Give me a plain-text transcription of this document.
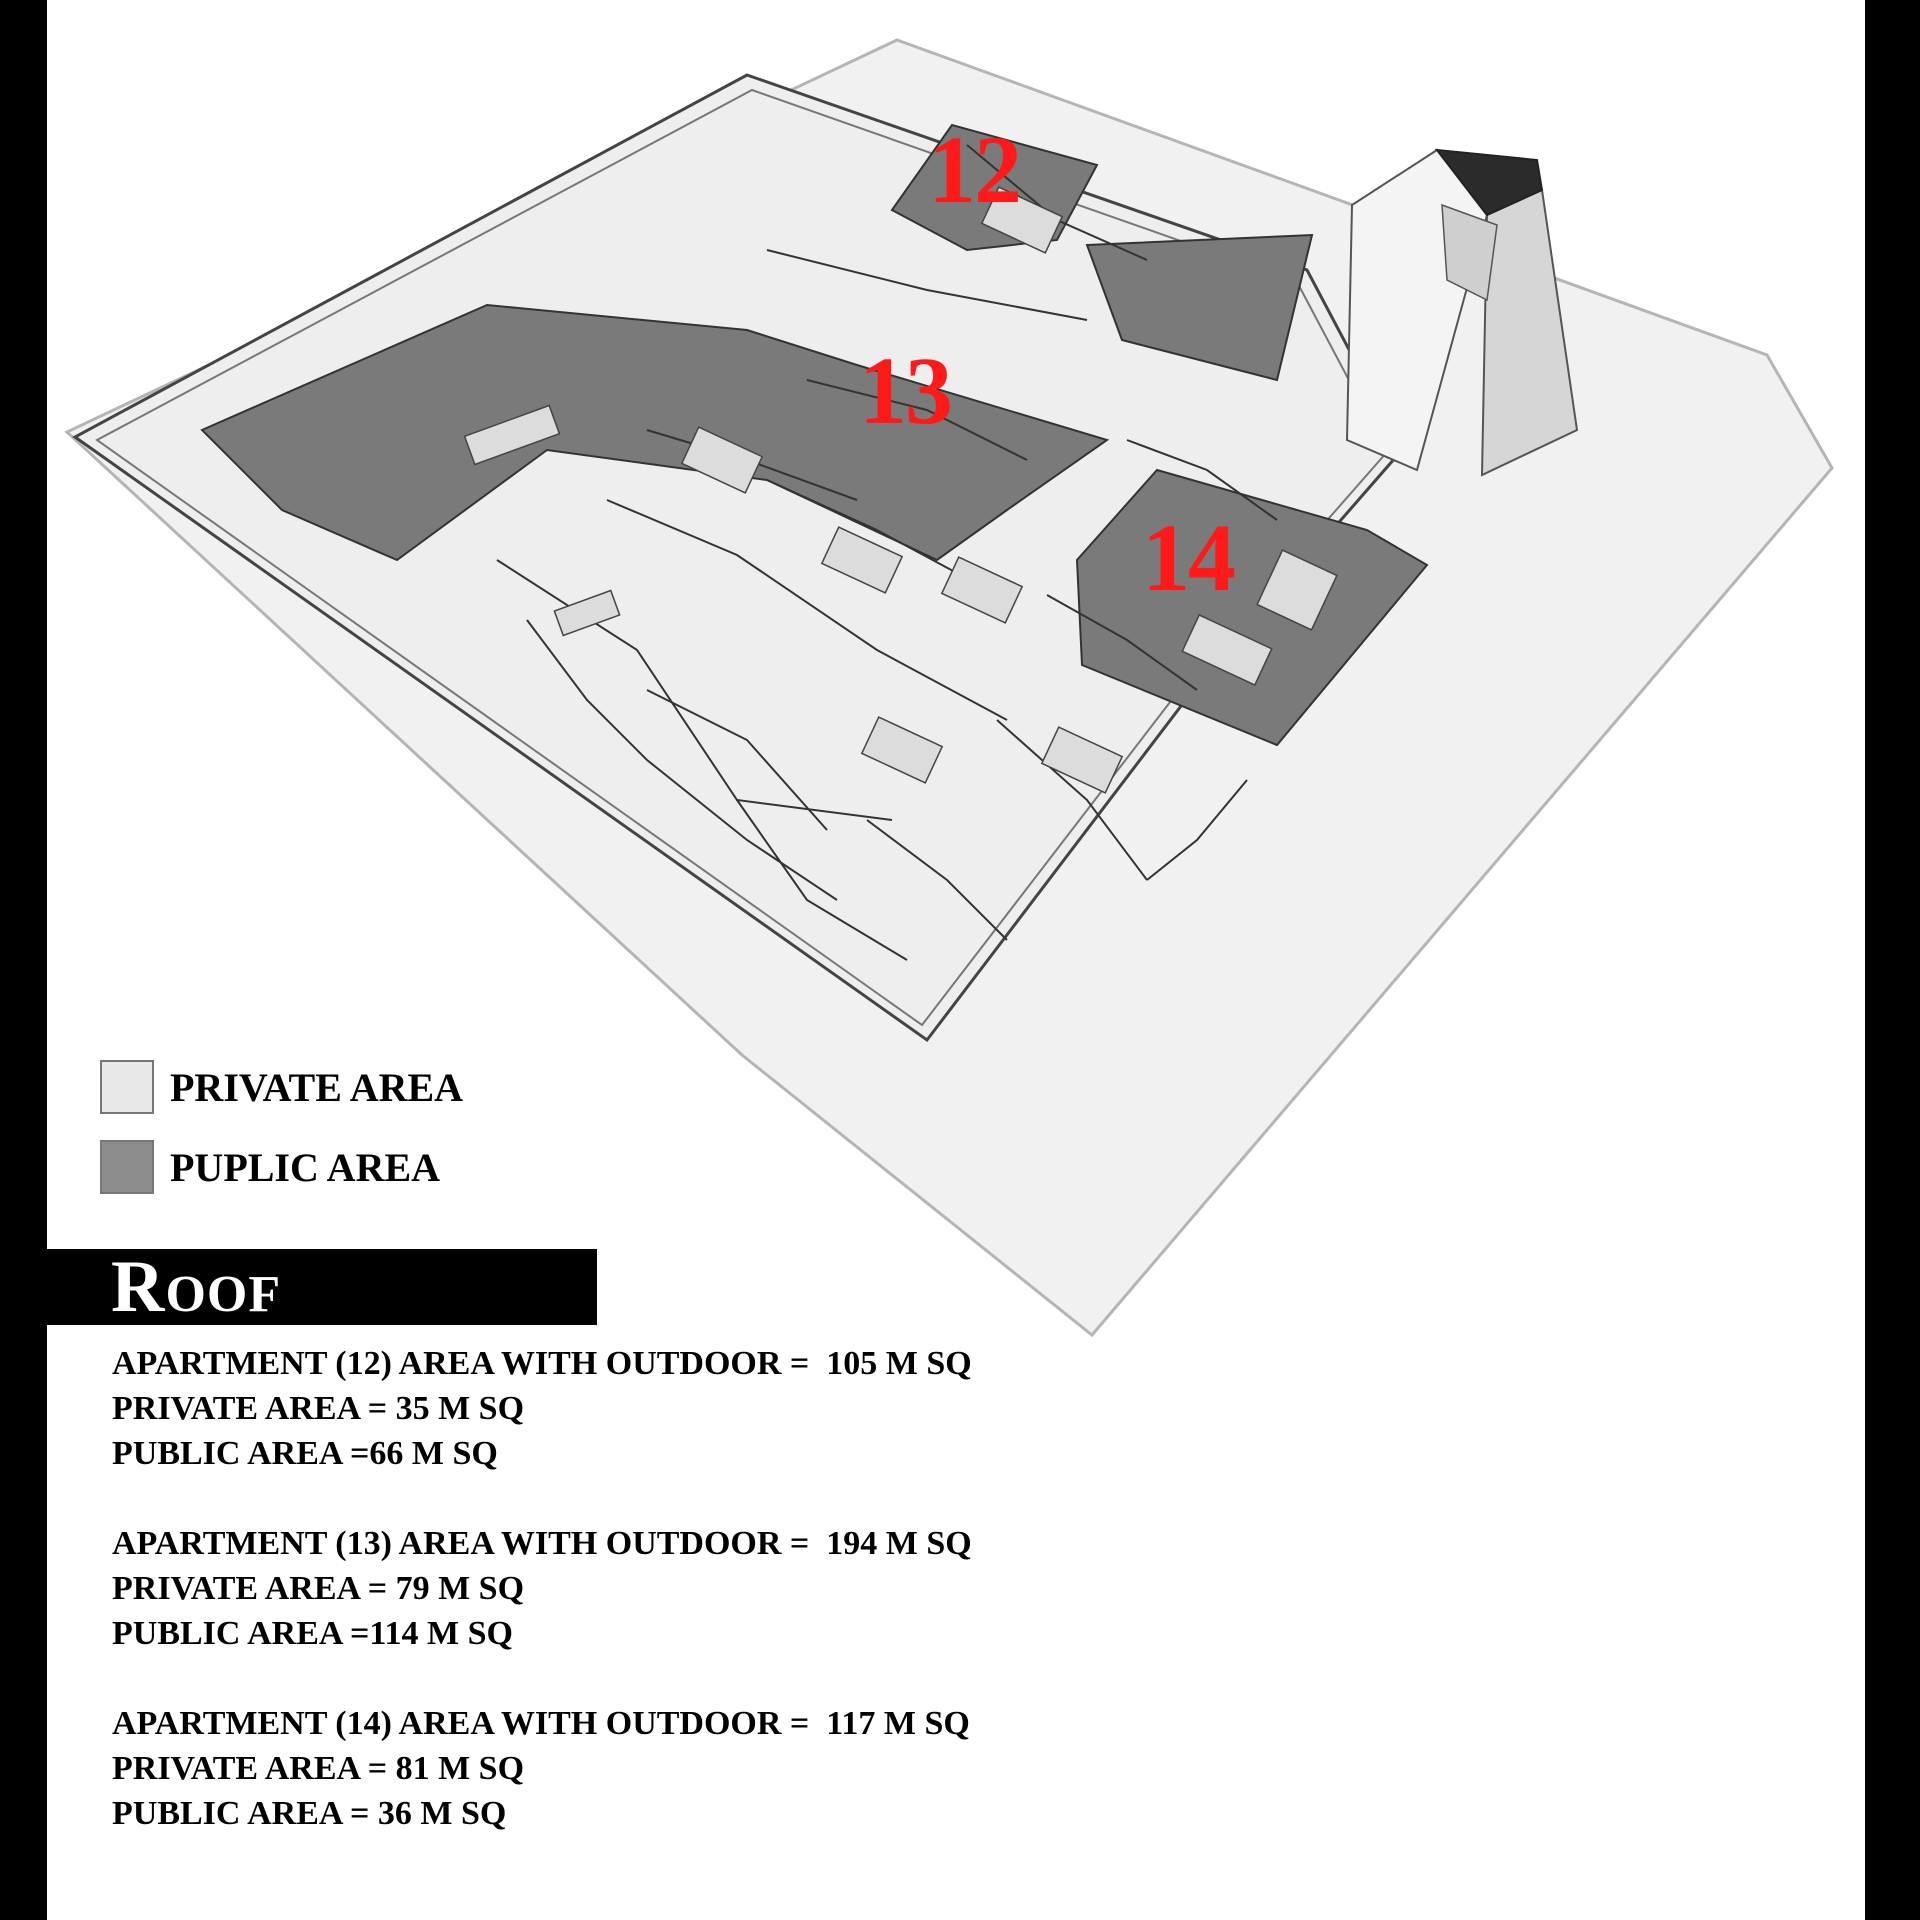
12
13
14
PRIVATE AREA
PUPLIC AREA
Roof
APARTMENT (12) AREA WITH OUTDOOR =  105 M SQ
PRIVATE AREA = 35 M SQ
PUBLIC AREA =66 M SQ
APARTMENT (13) AREA WITH OUTDOOR =  194 M SQ
PRIVATE AREA = 79 M SQ
PUBLIC AREA =114 M SQ
APARTMENT (14) AREA WITH OUTDOOR =  117 M SQ
PRIVATE AREA = 81 M SQ
PUBLIC AREA = 36 M SQ
